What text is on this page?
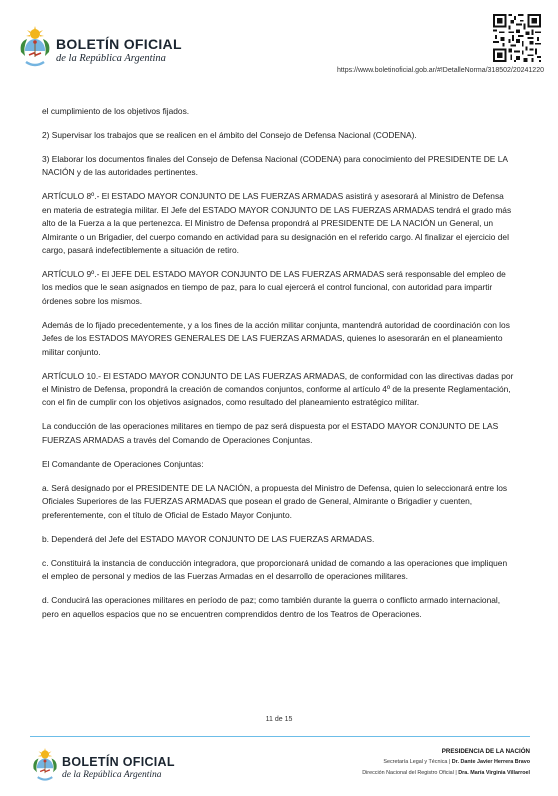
BOLETÍN OFICIAL
de la República Argentina
https://www.boletinoficial.gob.ar/#!DetalleNorma/318502/20241220

el cumplimiento de los objetivos fijados.

2) Supervisar los trabajos que se realicen en el ámbito del Consejo de Defensa Nacional (CODENA).

3) Elaborar los documentos finales del Consejo de Defensa Nacional (CODENA) para conocimiento del PRESIDENTE DE LA NACIÓN y de las autoridades pertinentes.

ARTÍCULO 8º.- El ESTADO MAYOR CONJUNTO DE LAS FUERZAS ARMADAS asistirá y asesorará al Ministro de Defensa en materia de estrategia militar. El Jefe del ESTADO MAYOR CONJUNTO DE LAS FUERZAS ARMADAS tendrá el grado más alto de la Fuerza a la que pertenezca. El Ministro de Defensa propondrá al PRESIDENTE DE LA NACIÓN un General, un Almirante o un Brigadier, del cuerpo comando en actividad para su designación en el referido cargo. Al finalizar el ejercicio del cargo, pasará indefectiblemente a situación de retiro.

ARTÍCULO 9º.- El JEFE DEL ESTADO MAYOR CONJUNTO DE LAS FUERZAS ARMADAS será responsable del empleo de los medios que le sean asignados en tiempo de paz, para lo cual ejercerá el control funcional, con autoridad para impartir órdenes sobre los mismos.

Además de lo fijado precedentemente, y a los fines de la acción militar conjunta, mantendrá autoridad de coordinación con los Jefes de los ESTADOS MAYORES GENERALES DE LAS FUERZAS ARMADAS, quienes lo asesorarán en el planeamiento militar conjunto.

ARTÍCULO 10.- El ESTADO MAYOR CONJUNTO DE LAS FUERZAS ARMADAS, de conformidad con las directivas dadas por el Ministro de Defensa, propondrá la creación de comandos conjuntos, conforme al artículo 4º de la presente Reglamentación, con el fin de cumplir con los objetivos asignados, como resultado del planeamiento estratégico militar.

La conducción de las operaciones militares en tiempo de paz será dispuesta por el ESTADO MAYOR CONJUNTO DE LAS FUERZAS ARMADAS a través del Comando de Operaciones Conjuntas.

El Comandante de Operaciones Conjuntas:

a. Será designado por el PRESIDENTE DE LA NACIÓN, a propuesta del Ministro de Defensa, quien lo seleccionará entre los Oficiales Superiores de las FUERZAS ARMADAS que posean el grado de General, Almirante o Brigadier y cuenten, preferentemente, con el título de Oficial de Estado Mayor Conjunto.

b. Dependerá del Jefe del ESTADO MAYOR CONJUNTO DE LAS FUERZAS ARMADAS.

c. Constituirá la instancia de conducción integradora, que proporcionará unidad de comando a las operaciones que impliquen el empleo de personal y medios de las Fuerzas Armadas en el desarrollo de operaciones militares.

d. Conducirá las operaciones militares en período de paz; como también durante la guerra o conflicto armado internacional, pero en aquellos espacios que no se encuentren comprendidos dentro de los Teatros de Operaciones.

11 de 15
BOLETÍN OFICIAL
de la República Argentina
PRESIDENCIA DE LA NACIÓN
Secretaría Legal y Técnica | Dr. Dante Javier Herrera Bravo
Dirección Nacional del Registro Oficial | Dra. María Virginia Villarroel
